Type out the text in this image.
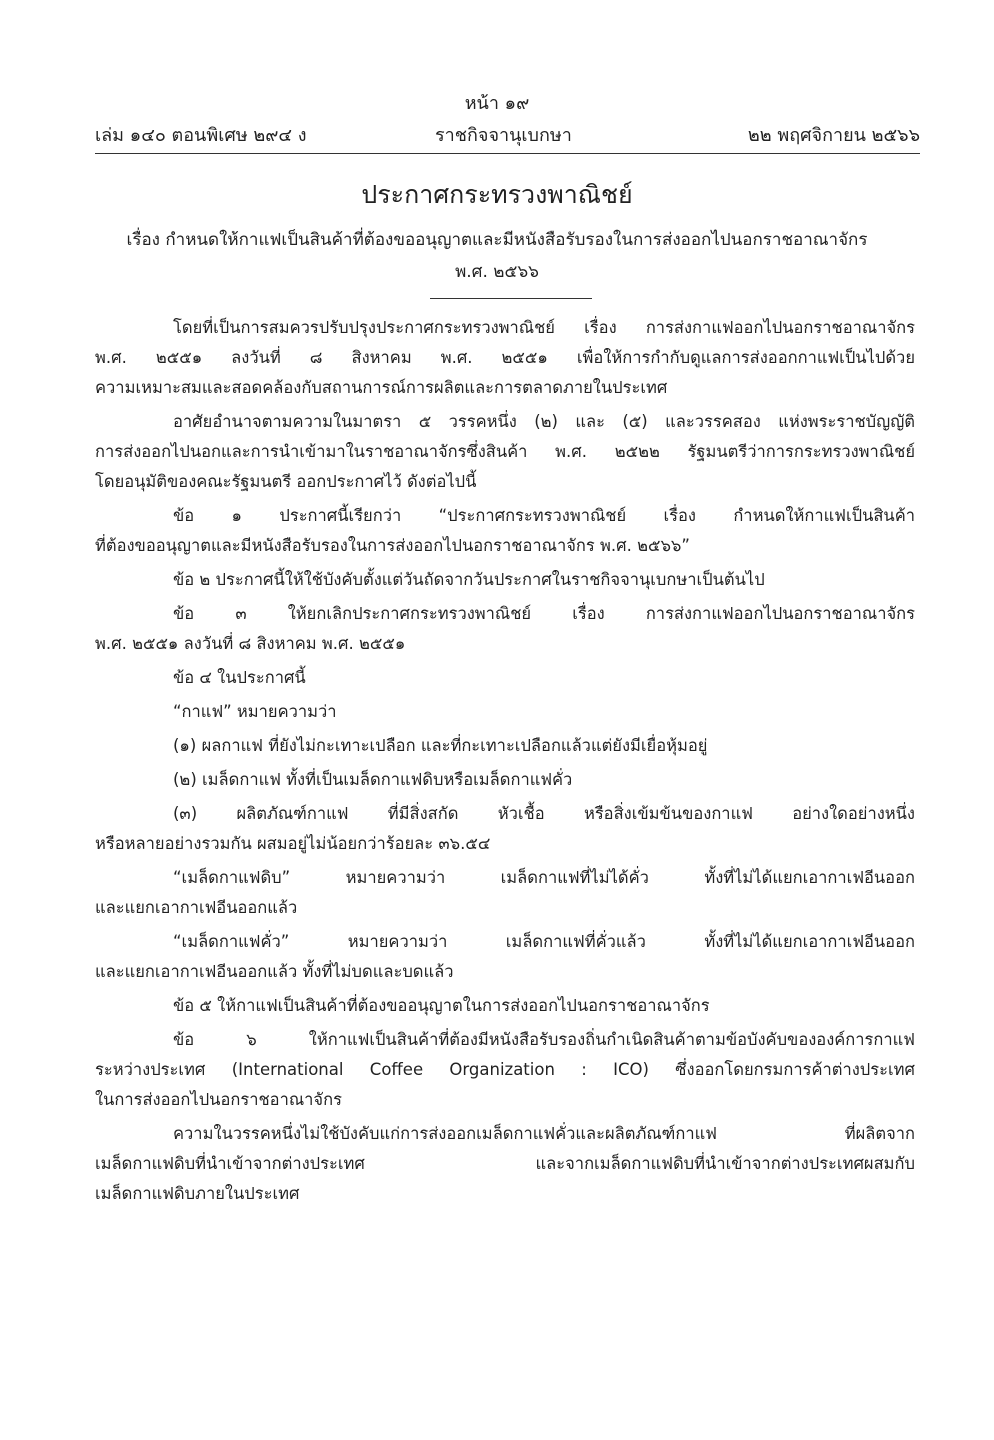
หน้า ๑๙
เล่ม ๑๔๐ ตอนพิเศษ ๒๙๔ ง	ราชกิจจานุเบกษา	๒๒ พฤศจิกายน ๒๕๖๖
ประกาศกระทรวงพาณิชย์
เรื่อง กำหนดให้กาแฟเป็นสินค้าที่ต้องขออนุญาตและมีหนังสือรับรองในการส่งออกไปนอกราชอาณาจักร
พ.ศ. ๒๕๖๖
โดยที่เป็นการสมควรปรับปรุงประกาศกระทรวงพาณิชย์ เรื่อง การส่งกาแฟออกไปนอกราชอาณาจักร
พ.ศ. ๒๕๕๑ ลงวันที่ ๘ สิงหาคม พ.ศ. ๒๕๕๑ เพื่อให้การกำกับดูแลการส่งออกกาแฟเป็นไปด้วย
ความเหมาะสมและสอดคล้องกับสถานการณ์การผลิตและการตลาดภายในประเทศ
อาศัยอำนาจตามความในมาตรา ๕ วรรคหนึ่ง (๒) และ (๕) และวรรคสอง แห่งพระราชบัญญัติ
การส่งออกไปนอกและการนำเข้ามาในราชอาณาจักรซึ่งสินค้า พ.ศ. ๒๕๒๒ รัฐมนตรีว่าการกระทรวงพาณิชย์
โดยอนุมัติของคณะรัฐมนตรี ออกประกาศไว้ ดังต่อไปนี้
ข้อ ๑ ประกาศนี้เรียกว่า “ประกาศกระทรวงพาณิชย์ เรื่อง กำหนดให้กาแฟเป็นสินค้า
ที่ต้องขออนุญาตและมีหนังสือรับรองในการส่งออกไปนอกราชอาณาจักร พ.ศ. ๒๕๖๖”
ข้อ ๒ ประกาศนี้ให้ใช้บังคับตั้งแต่วันถัดจากวันประกาศในราชกิจจานุเบกษาเป็นต้นไป
ข้อ ๓ ให้ยกเลิกประกาศกระทรวงพาณิชย์ เรื่อง การส่งกาแฟออกไปนอกราชอาณาจักร
พ.ศ. ๒๕๕๑ ลงวันที่ ๘ สิงหาคม พ.ศ. ๒๕๕๑
ข้อ ๔ ในประกาศนี้
“กาแฟ” หมายความว่า
(๑) ผลกาแฟ ที่ยังไม่กะเทาะเปลือก และที่กะเทาะเปลือกแล้วแต่ยังมีเยื่อหุ้มอยู่
(๒) เมล็ดกาแฟ ทั้งที่เป็นเมล็ดกาแฟดิบหรือเมล็ดกาแฟคั่ว
(๓) ผลิตภัณฑ์กาแฟ ที่มีสิ่งสกัด หัวเชื้อ หรือสิ่งเข้มข้นของกาแฟ อย่างใดอย่างหนึ่ง
หรือหลายอย่างรวมกัน ผสมอยู่ไม่น้อยกว่าร้อยละ ๓๖.๕๔
“เมล็ดกาแฟดิบ” หมายความว่า เมล็ดกาแฟที่ไม่ได้คั่ว ทั้งที่ไม่ได้แยกเอากาเฟอีนออก
และแยกเอากาเฟอีนออกแล้ว
“เมล็ดกาแฟคั่ว” หมายความว่า เมล็ดกาแฟที่คั่วแล้ว ทั้งที่ไม่ได้แยกเอากาเฟอีนออก
และแยกเอากาเฟอีนออกแล้ว ทั้งที่ไม่บดและบดแล้ว
ข้อ ๕ ให้กาแฟเป็นสินค้าที่ต้องขออนุญาตในการส่งออกไปนอกราชอาณาจักร
ข้อ ๖ ให้กาแฟเป็นสินค้าที่ต้องมีหนังสือรับรองถิ่นกำเนิดสินค้าตามข้อบังคับขององค์การกาแฟ
ระหว่างประเทศ (International Coffee Organization : ICO) ซึ่งออกโดยกรมการค้าต่างประเทศ
ในการส่งออกไปนอกราชอาณาจักร
ความในวรรคหนึ่งไม่ใช้บังคับแก่การส่งออกเมล็ดกาแฟคั่วและผลิตภัณฑ์กาแฟ ที่ผลิตจาก
เมล็ดกาแฟดิบที่นำเข้าจากต่างประเทศ และจากเมล็ดกาแฟดิบที่นำเข้าจากต่างประเทศผสมกับ
เมล็ดกาแฟดิบภายในประเทศ
